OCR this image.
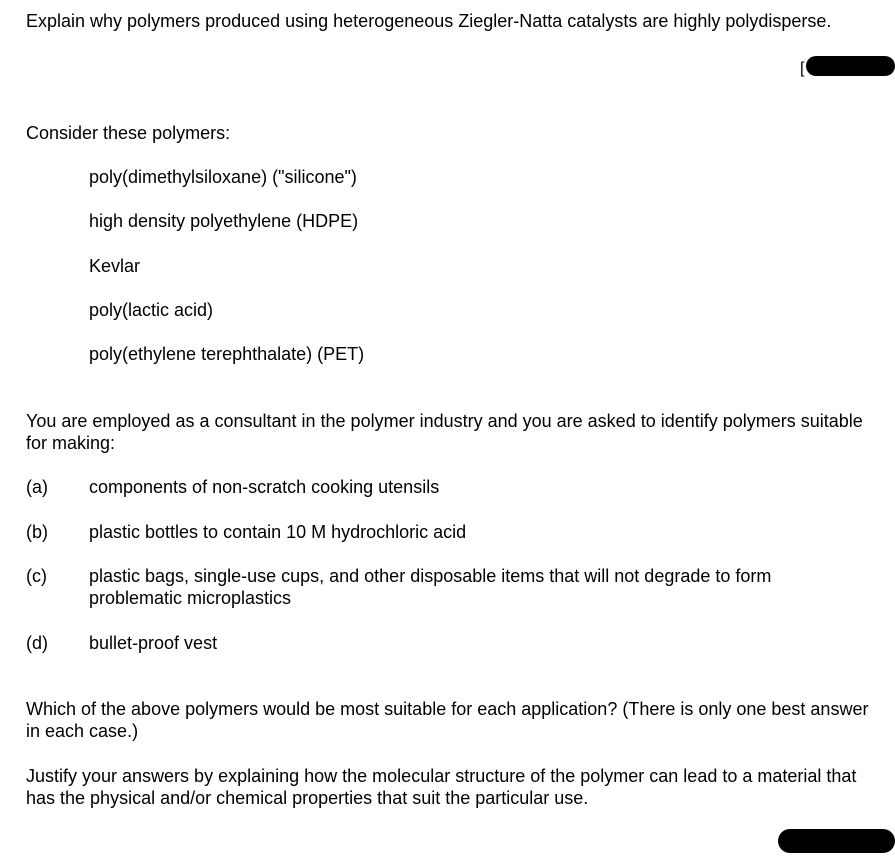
Explain why polymers produced using heterogeneous Ziegler-Natta catalysts are highly polydisperse.

[

Consider these polymers:

poly(dimethylsiloxane) ("silicone")
high density polyethylene (HDPE)
Kevlar
poly(lactic acid)
poly(ethylene terephthalate) (PET)

You are employed as a consultant in the polymer industry and you are asked to identify polymers suitable for making:

(a) components of non-scratch cooking utensils
(b) plastic bottles to contain 10 M hydrochloric acid
(c) plastic bags, single-use cups, and other disposable items that will not degrade to form problematic microplastics
(d) bullet-proof vest

Which of the above polymers would be most suitable for each application? (There is only one best answer in each case.)

Justify your answers by explaining how the molecular structure of the polymer can lead to a material that has the physical and/or chemical properties that suit the particular use.
